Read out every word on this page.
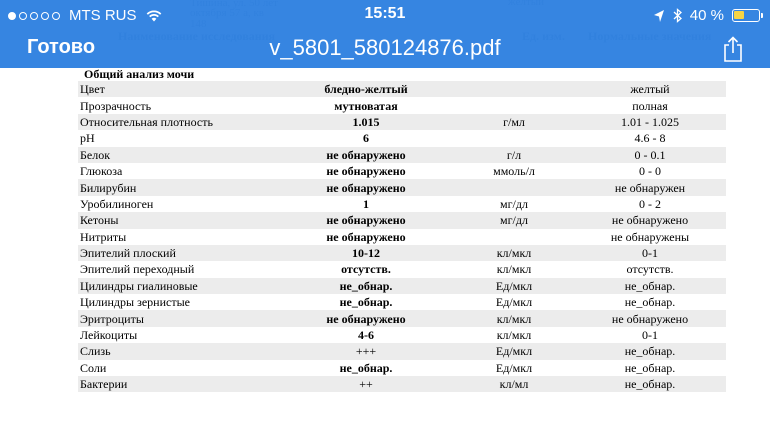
MTS RUS	15:51	40 %
Готово	v_5801_580124876.pdf
Общий анализ мочи
Цвет	бледно-желтый		желтый
Прозрачность	мутноватая		полная
Относительная плотность	1.015	г/мл	1.01 - 1.025
pH	6		4.6 - 8
Белок	не обнаружено	г/л	0 - 0.1
Глюкоза	не обнаружено	ммоль/л	0 - 0
Билирубин	не обнаружено		не обнаружен
Уробилиноген	1	мг/дл	0 - 2
Кетоны	не обнаружено	мг/дл	не обнаружено
Нитриты	не обнаружено		не обнаружены
Эпителий плоский	10-12	кл/мкл	0-1
Эпителий переходный	отсутств.	кл/мкл	отсутств.
Цилиндры гиалиновые	не_обнар.	Ед/мкл	не_обнар.
Цилиндры зернистые	не_обнар.	Ед/мкл	не_обнар.
Эритроциты	не обнаружено	кл/мкл	не обнаружено
Лейкоциты	4-6	кл/мкл	0-1
Слизь	+++	Ед/мкл	не_обнар.
Соли	не_обнар.	Ед/мкл	не_обнар.
Бактерии	++	кл/мл	не_обнар.
